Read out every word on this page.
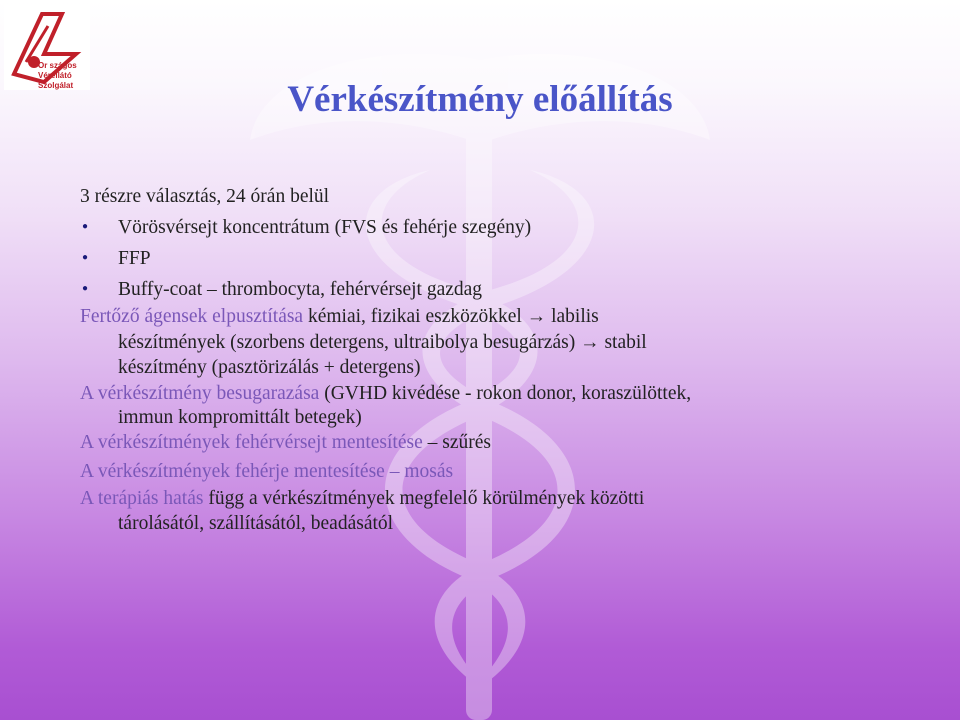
Or szágos
Vérellátó
Szolgálat	Vérkészítmény előállítás
3 részre választás, 24 órán belül
● Vörösvérsejt koncentrátum (FVS és fehérje szegény)
● FFP
● Buffy-coat – thrombocyta, fehérvérsejt gazdag
Fertőző ágensek elpusztítása kémiai, fizikai eszközökkel → labilis
készítmények (szorbens detergens, ultraibolya besugárzás) → stabil
készítmény (pasztörizálás + detergens)
A vérkészítmény besugarazása (GVHD kivédése - rokon donor, koraszülöttek,
immun kompromittált betegek)
A vérkészítmények fehérvérsejt mentesítése – szűrés
A vérkészítmények fehérje mentesítése – mosás
A terápiás hatás függ a vérkészítmények megfelelő körülmények közötti
tárolásától, szállításától, beadásától
